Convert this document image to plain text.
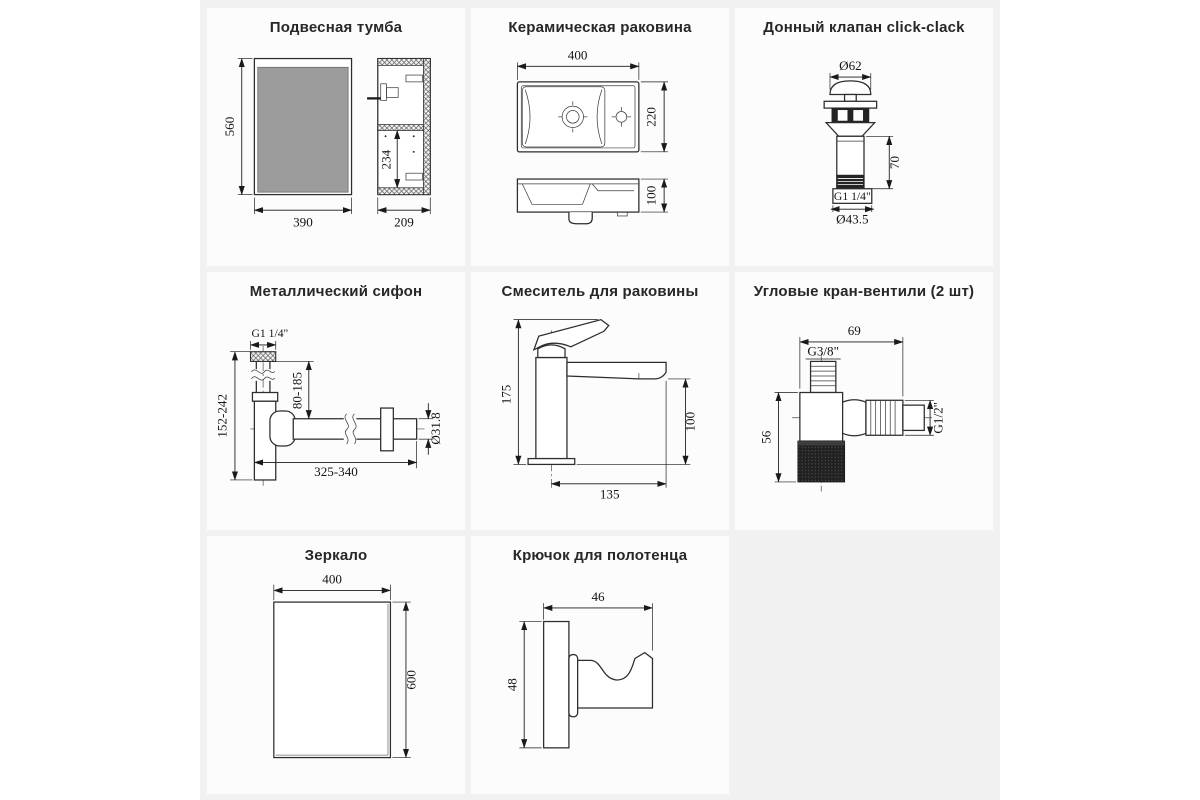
Подвесная тумба
560
390
234
209
Керамическая раковина
400
220
100
Донный клапан click-clack
Ø62
70
G1 1/4"
Ø43.5
Металлический сифон
G1 1/4"
152-242
80-185
325-340
Ø31.8
Смеситель для раковины
175
100
135
Угловые кран-вентили (2 шт)
69
G3/8"
56
G1/2"
Зеркало
400
600
Крючок для полотенца
46
48
